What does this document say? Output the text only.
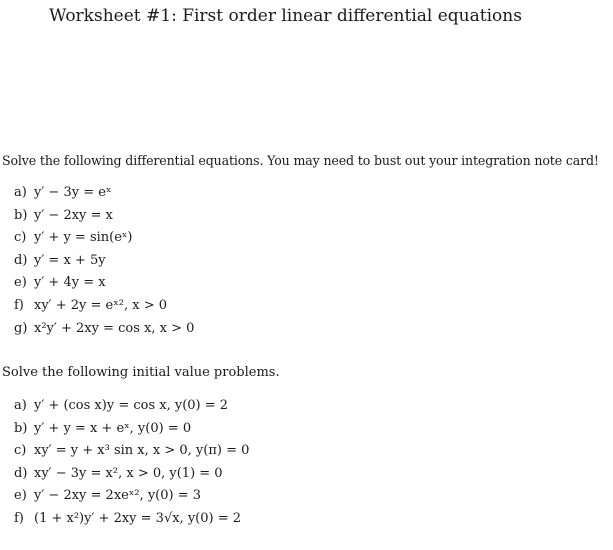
Worksheet #1: First order linear differential equations
Solve the following differential equations. You may need to bust out your integration note card!
a) y′ − 3y = eˣ
b) y′ − 2xy = x
c) y′ + y = sin(eˣ)
d) y′ = x + 5y
e) y′ + 4y = x
f) xy′ + 2y = eˣ², x > 0
g) x²y′ + 2xy = cos x, x > 0
Solve the following initial value problems.
a) y′ + (cos x)y = cos x, y(0) = 2
b) y′ + y = x + eˣ, y(0) = 0
c) xy′ = y + x³ sin x, x > 0, y(π) = 0
d) xy′ − 3y = x², x > 0, y(1) = 0
e) y′ − 2xy = 2xeˣ², y(0) = 3
f) (1 + x²)y′ + 2xy = 3√x, y(0) = 2
